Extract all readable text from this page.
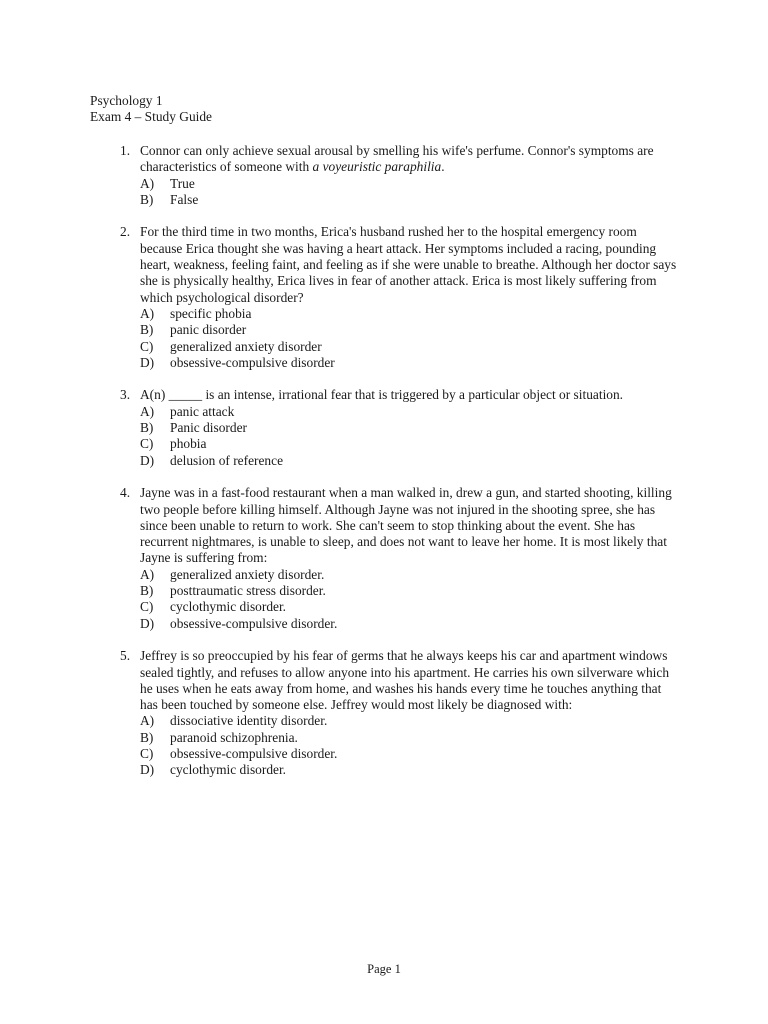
Psychology 1
Exam 4 – Study Guide
1. Connor can only achieve sexual arousal by smelling his wife's perfume. Connor's symptoms are characteristics of someone with a voyeuristic paraphilia.
A) True
B) False
2. For the third time in two months, Erica's husband rushed her to the hospital emergency room because Erica thought she was having a heart attack. Her symptoms included a racing, pounding heart, weakness, feeling faint, and feeling as if she were unable to breathe. Although her doctor says she is physically healthy, Erica lives in fear of another attack. Erica is most likely suffering from which psychological disorder?
A) specific phobia
B) panic disorder
C) generalized anxiety disorder
D) obsessive-compulsive disorder
3. A(n) _____ is an intense, irrational fear that is triggered by a particular object or situation.
A) panic attack
B) Panic disorder
C) phobia
D) delusion of reference
4. Jayne was in a fast-food restaurant when a man walked in, drew a gun, and started shooting, killing two people before killing himself. Although Jayne was not injured in the shooting spree, she has since been unable to return to work. She can't seem to stop thinking about the event. She has recurrent nightmares, is unable to sleep, and does not want to leave her home. It is most likely that Jayne is suffering from:
A) generalized anxiety disorder.
B) posttraumatic stress disorder.
C) cyclothymic disorder.
D) obsessive-compulsive disorder.
5. Jeffrey is so preoccupied by his fear of germs that he always keeps his car and apartment windows sealed tightly, and refuses to allow anyone into his apartment. He carries his own silverware which he uses when he eats away from home, and washes his hands every time he touches anything that has been touched by someone else. Jeffrey would most likely be diagnosed with:
A) dissociative identity disorder.
B) paranoid schizophrenia.
C) obsessive-compulsive disorder.
D) cyclothymic disorder.
Page 1
